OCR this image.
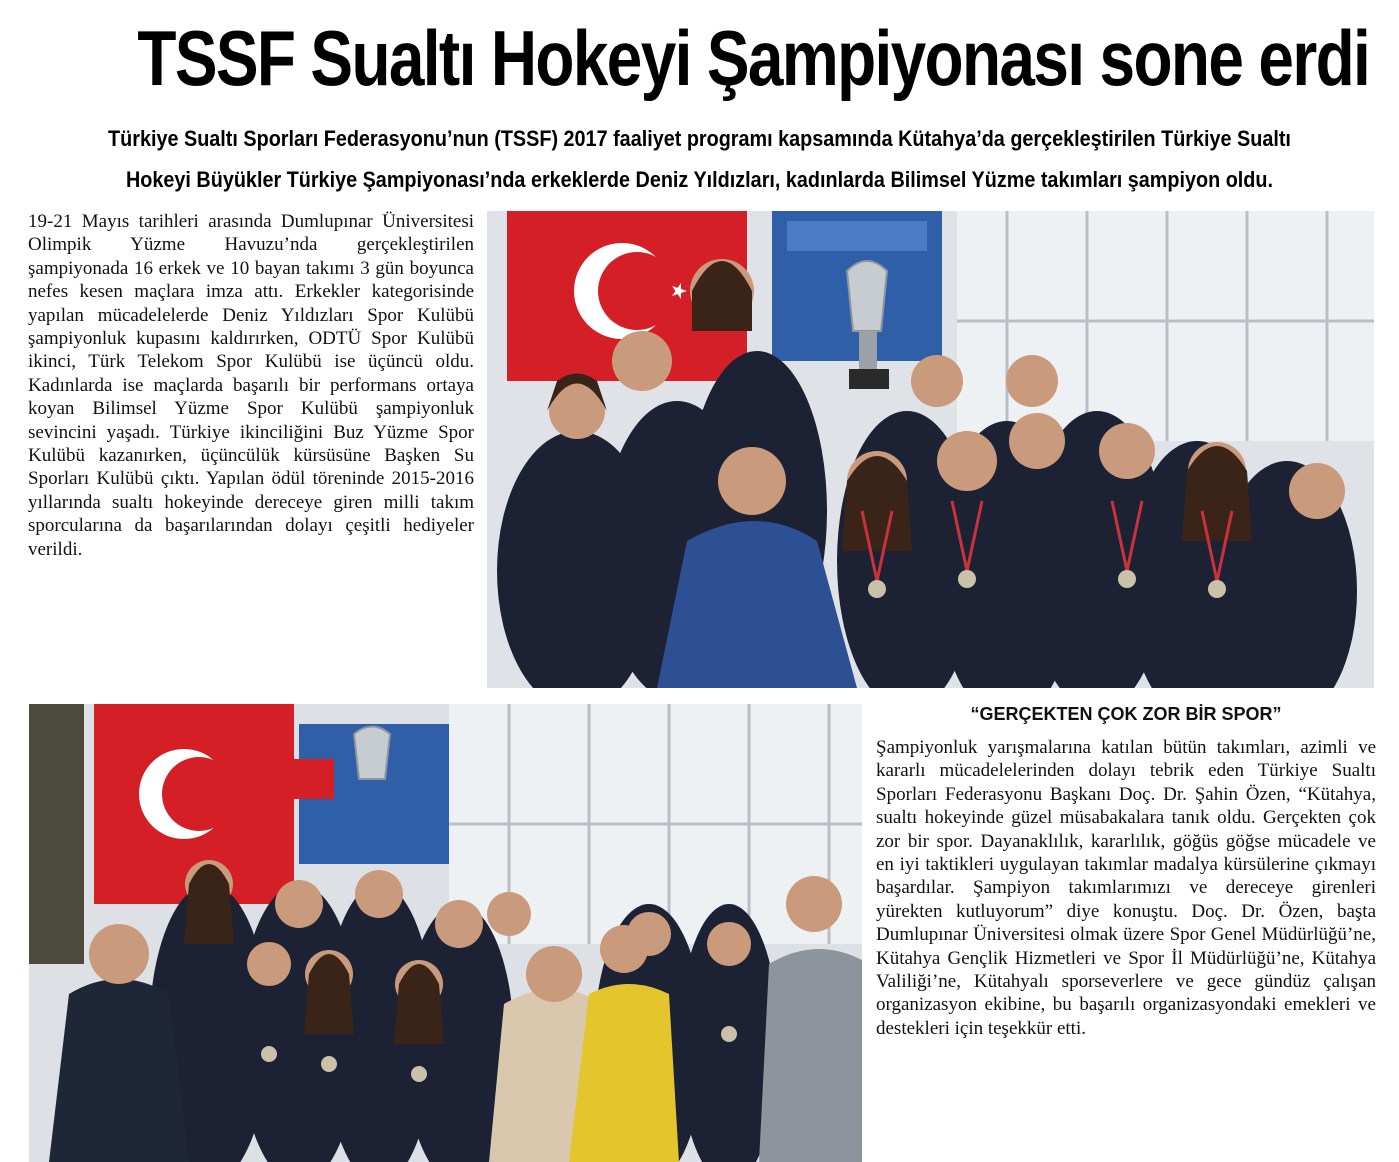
TSSF Sualtı Hokeyi Şampiyonası sone erdi
Türkiye Sualtı Sporları Federasyonu’nun (TSSF) 2017 faaliyet programı kapsamında Kütahya’da gerçekleştirilen Türkiye Sualtı
Hokeyi Büyükler Türkiye Şampiyonası’nda erkeklerde Deniz Yıldızları, kadınlarda Bilimsel Yüzme takımları şampiyon oldu.
19-21 Mayıs tarihleri arasında Dumlupınar Üniversitesi Olimpik Yüzme Havuzu’nda gerçekleştirilen şampiyonada 16 erkek ve 10 bayan takımı 3 gün boyunca nefes kesen maçlara imza attı. Erkekler kategorisinde yapılan mücadelelerde Deniz Yıldızları Spor Kulübü şampiyonluk kupasını kaldırırken, ODTÜ Spor Kulübü ikinci, Türk Telekom Spor Kulübü ise üçüncü oldu. Kadınlarda ise maçlarda başarılı bir performans ortaya koyan Bilimsel Yüzme Spor Kulübü şampiyonluk sevincini yaşadı. Türkiye ikinciliğini Buz Yüzme Spor Kulübü kazanırken, üçüncülük kürsüsüne Başken Su Sporları Kulübü çıktı. Yapılan ödül töreninde 2015-2016 yıllarında sualtı hokeyinde dereceye giren milli takım sporcularına da başarılarından dolayı çeşitli hediyeler verildi.
“GERÇEKTEN ÇOK ZOR BİR SPOR”
Şampiyonluk yarışmalarına katılan bütün takımları, azimli ve kararlı mücadelelerinden dolayı tebrik eden Türkiye Sualtı Sporları Federasyonu Başkanı Doç. Dr. Şahin Özen, “Kütahya, sualtı hokeyinde güzel müsabakalara tanık oldu. Gerçekten çok zor bir spor. Dayanaklılık, kararlılık, göğüs göğse mücadele ve en iyi taktikleri uygulayan takımlar madalya kürsülerine çıkmayı başardılar. Şampiyon takımlarımızı ve dereceye girenleri yürekten kutluyorum” diye konuştu. Doç. Dr. Özen, başta Dumlupınar Üniversitesi olmak üzere Spor Genel Müdürlüğü’ne, Kütahya Gençlik Hizmetleri ve Spor İl Müdürlüğü’ne, Kütahya Valiliği’ne, Kütahyalı sporseverlere ve gece gündüz çalışan organizasyon ekibine, bu başarılı organizasyondaki emekleri ve destekleri için teşekkür etti.
